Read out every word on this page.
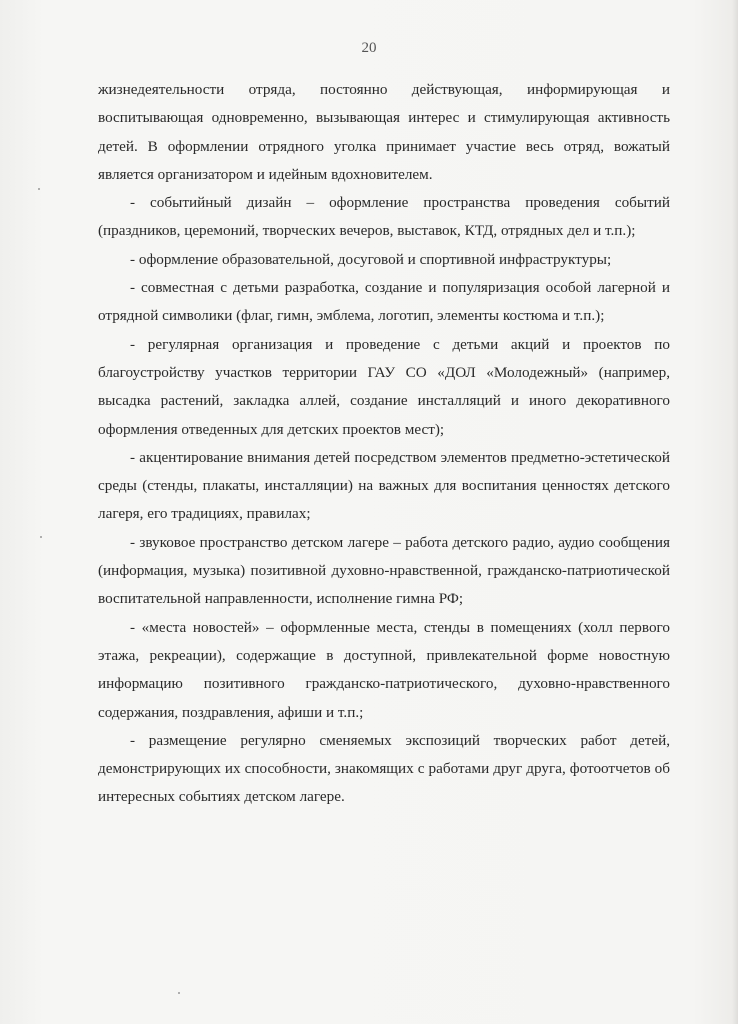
20

жизнедеятельности отряда, постоянно действующая, информирующая и воспитывающая одновременно, вызывающая интерес и стимулирующая активность детей. В оформлении отрядного уголка принимает участие весь отряд, вожатый является организатором и идейным вдохновителем.

- событийный дизайн – оформление пространства проведения событий (праздников, церемоний, творческих вечеров, выставок, КТД, отрядных дел и т.п.);

- оформление образовательной, досуговой и спортивной инфраструктуры;

- совместная с детьми разработка, создание и популяризация особой лагерной и отрядной символики (флаг, гимн, эмблема, логотип, элементы костюма и т.п.);

- регулярная организация и проведение с детьми акций и проектов по благоустройству участков территории ГАУ СО «ДОЛ «Молодежный» (например, высадка растений, закладка аллей, создание инсталляций и иного декоративного оформления отведенных для детских проектов мест);

- акцентирование внимания детей посредством элементов предметно-эстетической среды (стенды, плакаты, инсталляции) на важных для воспитания ценностях детского лагеря, его традициях, правилах;

- звуковое пространство детском лагере – работа детского радио, аудио сообщения (информация, музыка) позитивной духовно-нравственной, гражданско-патриотической воспитательной направленности, исполнение гимна РФ;

- «места новостей» – оформленные места, стенды в помещениях (холл первого этажа, рекреации), содержащие в доступной, привлекательной форме новостную информацию позитивного гражданско-патриотического, духовно-нравственного содержания, поздравления, афиши и т.п.;

- размещение регулярно сменяемых экспозиций творческих работ детей, демонстрирующих их способности, знакомящих с работами друг друга, фотоотчетов об интересных событиях детском лагере.
